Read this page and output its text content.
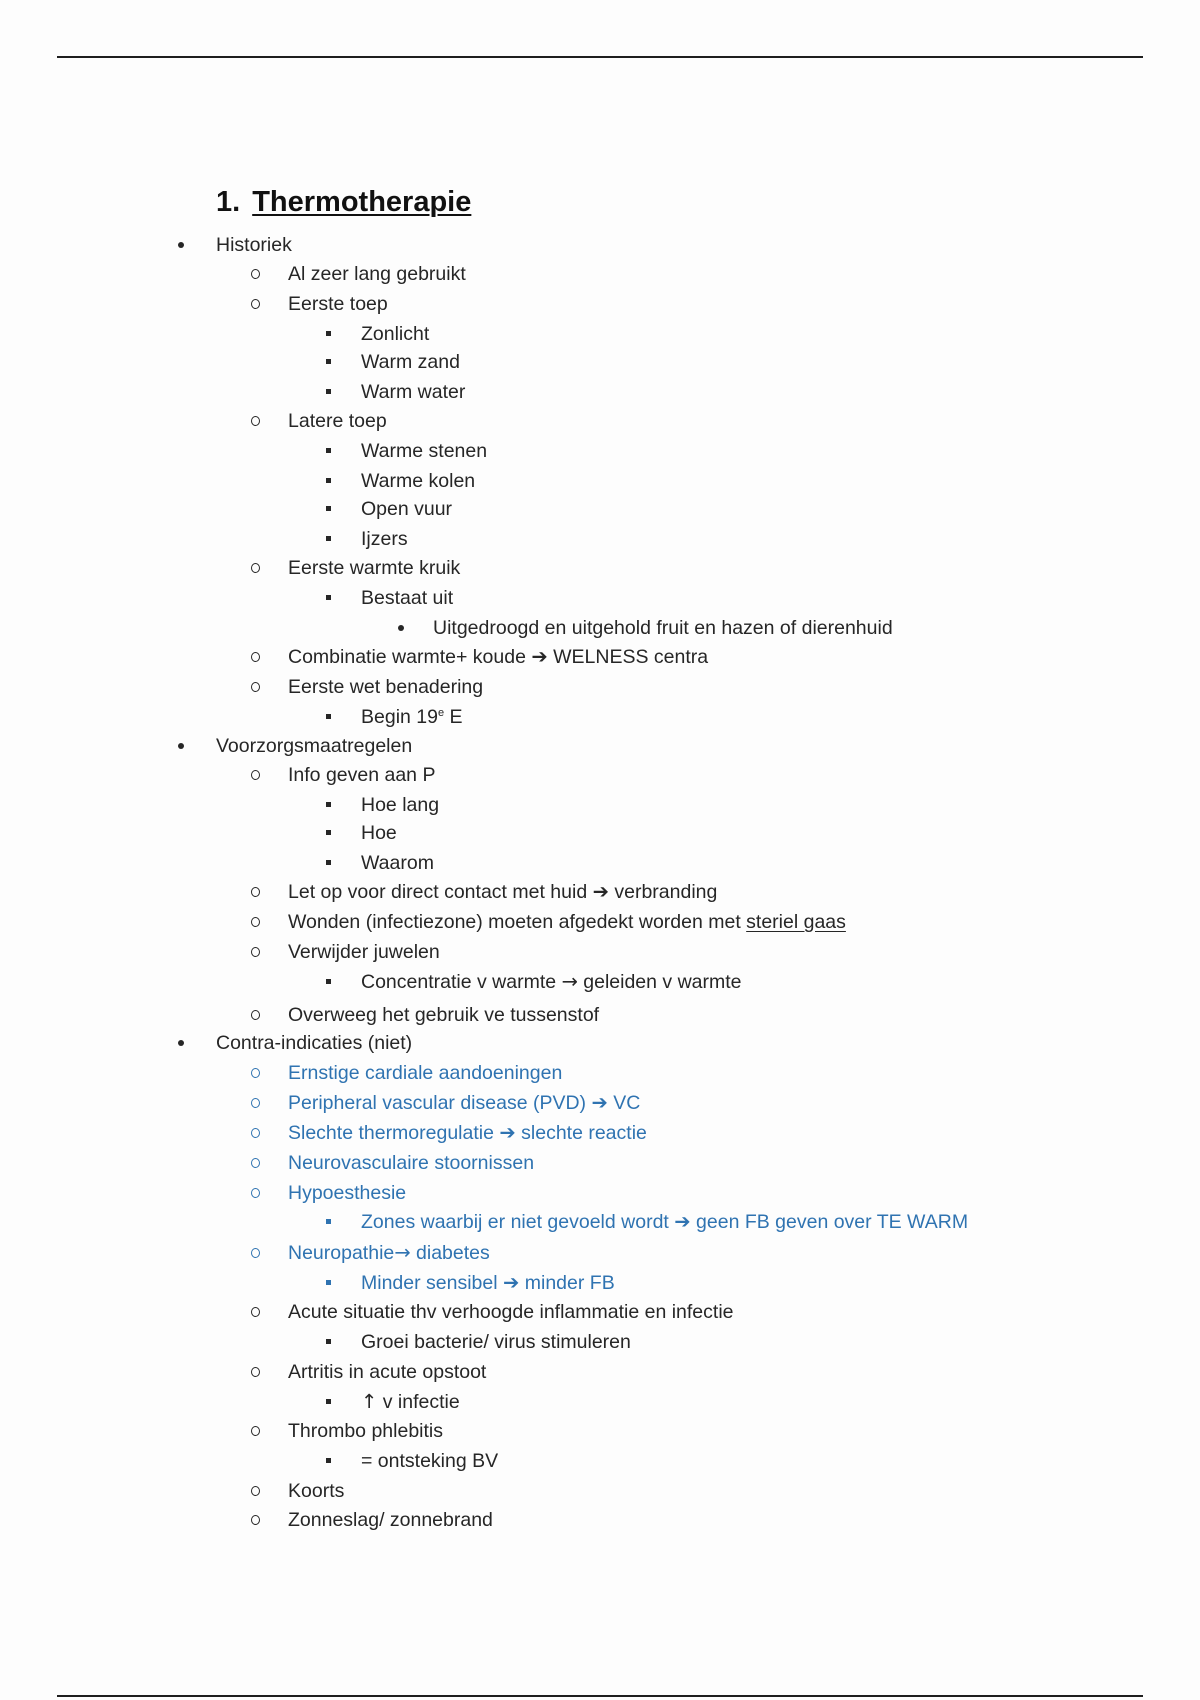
1. Thermotherapie
Historiek
Al zeer lang gebruikt
Eerste toep
Zonlicht
Warm zand
Warm water
Latere toep
Warme stenen
Warme kolen
Open vuur
Ijzers
Eerste warmte kruik
Bestaat uit
Uitgedroogd en uitgehold fruit en hazen of dierenhuid
Combinatie warmte+ koude ➔ WELNESS centra
Eerste wet benadering
Begin 19e E
Voorzorgsmaatregelen
Info geven aan P
Hoe lang
Hoe
Waarom
Let op voor direct contact met huid ➔ verbranding
Wonden (infectiezone) moeten afgedekt worden met steriel gaas
Verwijder juwelen
Concentratie v warmte → geleiden v warmte
Overweeg het gebruik ve tussenstof
Contra-indicaties (niet)
Ernstige cardiale aandoeningen
Peripheral vascular disease (PVD) ➔ VC
Slechte thermoregulatie ➔ slechte reactie
Neurovasculaire stoornissen
Hypoesthesie
Zones waarbij er niet gevoeld wordt ➔ geen FB geven over TE WARM
Neuropathie→ diabetes
Minder sensibel ➔ minder FB
Acute situatie thv verhoogde inflammatie en infectie
Groei bacterie/ virus stimuleren
Artritis in acute opstoot
↑ v infectie
Thrombo phlebitis
= ontsteking BV
Koorts
Zonneslag/ zonnebrand
